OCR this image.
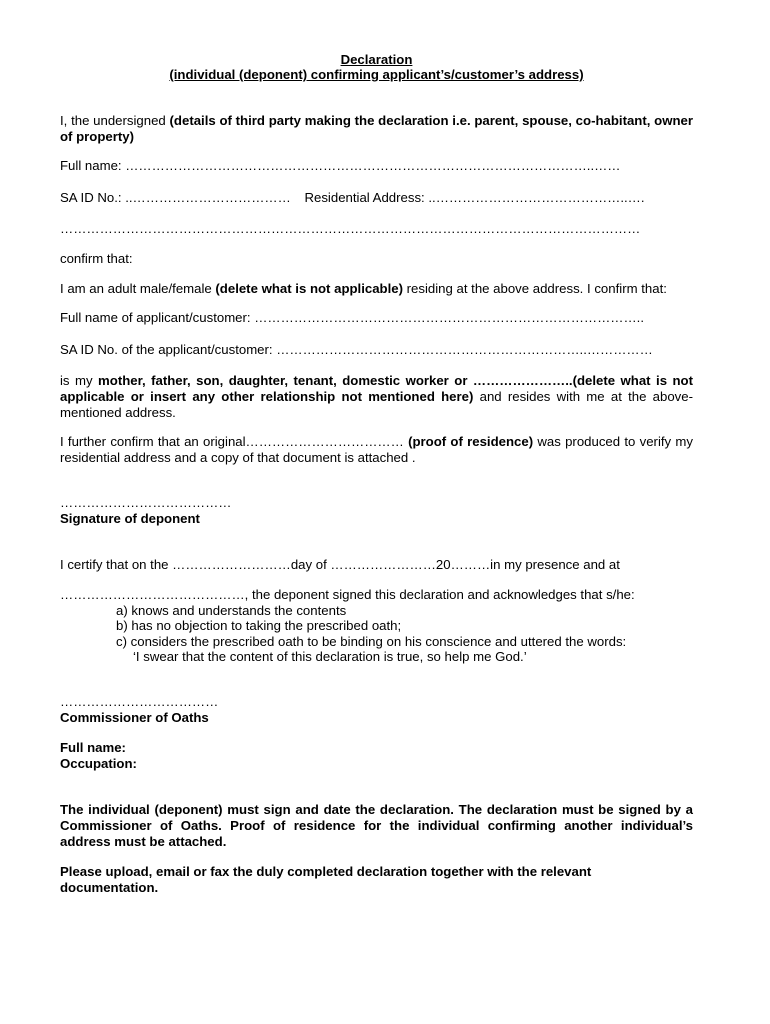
Declaration
(individual (deponent) confirming applicant’s/customer’s address)

I, the undersigned (details of third party making the declaration i.e. parent, spouse, co-habitant, owner of property)

Full name: ……………………………………………………………………………………………..……

SA ID No.: ..……………………………… Residential Address: ..……………………………………..….

……………………………………………………………………………………………………………………

confirm that:

I am an adult male/female (delete what is not applicable) residing at the above address. I confirm that:

Full name of applicant/customer: ……………………………………………………………………………..

SA ID No. of the applicant/customer: ……………………………………………………………..……………

is my mother, father, son, daughter, tenant, domestic worker or …………………..(delete what is not applicable or insert any other relationship not mentioned here) and resides with me at the above-mentioned address.

I further confirm that an original……………………………… (proof of residence) was produced to verify my residential address and a copy of that document is attached .

…………………………………

Signature of deponent

I certify that on the ………………………day of ……………………20………in my presence and at

……………………………………, the deponent signed this declaration and acknowledges that s/he:

a) knows and understands the contents

b) has no objection to taking the prescribed oath;

c) considers the prescribed oath to be binding on his conscience and uttered the words:

‘I swear that the content of this declaration is true, so help me God.’

………………………………

Commissioner of Oaths

Full name:

Occupation:

The individual (deponent) must sign and date the declaration. The declaration must be signed by a Commissioner of Oaths. Proof of residence for the individual confirming another individual’s address must be attached.

Please upload, email or fax the duly completed declaration together with the relevant documentation.
